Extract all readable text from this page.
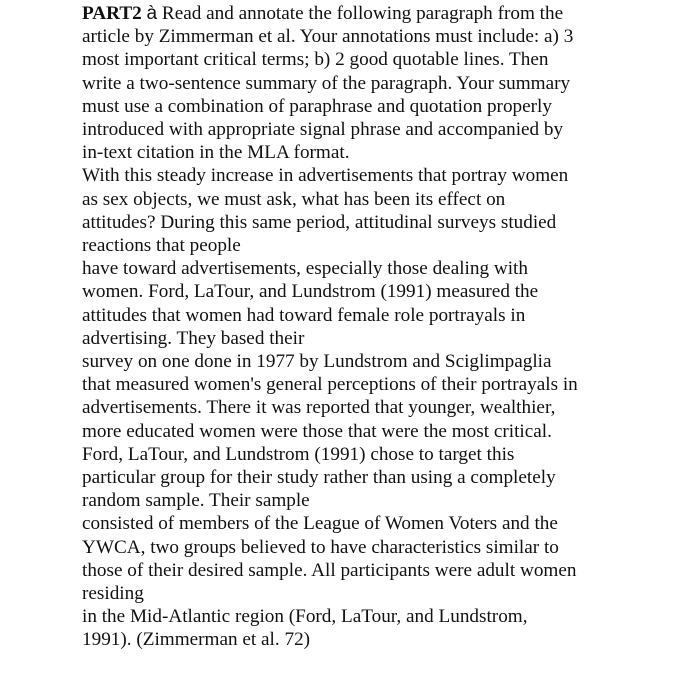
PART2 à Read and annotate the following paragraph from the
article by Zimmerman et al. Your annotations must include: a) 3
most important critical terms; b) 2 good quotable lines. Then
write a two-sentence summary of the paragraph. Your summary
must use a combination of paraphrase and quotation properly
introduced with appropriate signal phrase and accompanied by
in-text citation in the MLA format.
With this steady increase in advertisements that portray women
as sex objects, we must ask, what has been its effect on
attitudes? During this same period, attitudinal surveys studied
reactions that people
have toward advertisements, especially those dealing with
women. Ford, LaTour, and Lundstrom (1991) measured the
attitudes that women had toward female role portrayals in
advertising. They based their
survey on one done in 1977 by Lundstrom and Sciglimpaglia
that measured women's general perceptions of their portrayals in
advertisements. There it was reported that younger, wealthier,
more educated women were those that were the most critical.
Ford, LaTour, and Lundstrom (1991) chose to target this
particular group for their study rather than using a completely
random sample. Their sample
consisted of members of the League of Women Voters and the
YWCA, two groups believed to have characteristics similar to
those of their desired sample. All participants were adult women
residing
in the Mid-Atlantic region (Ford, LaTour, and Lundstrom,
1991). (Zimmerman et al. 72)
